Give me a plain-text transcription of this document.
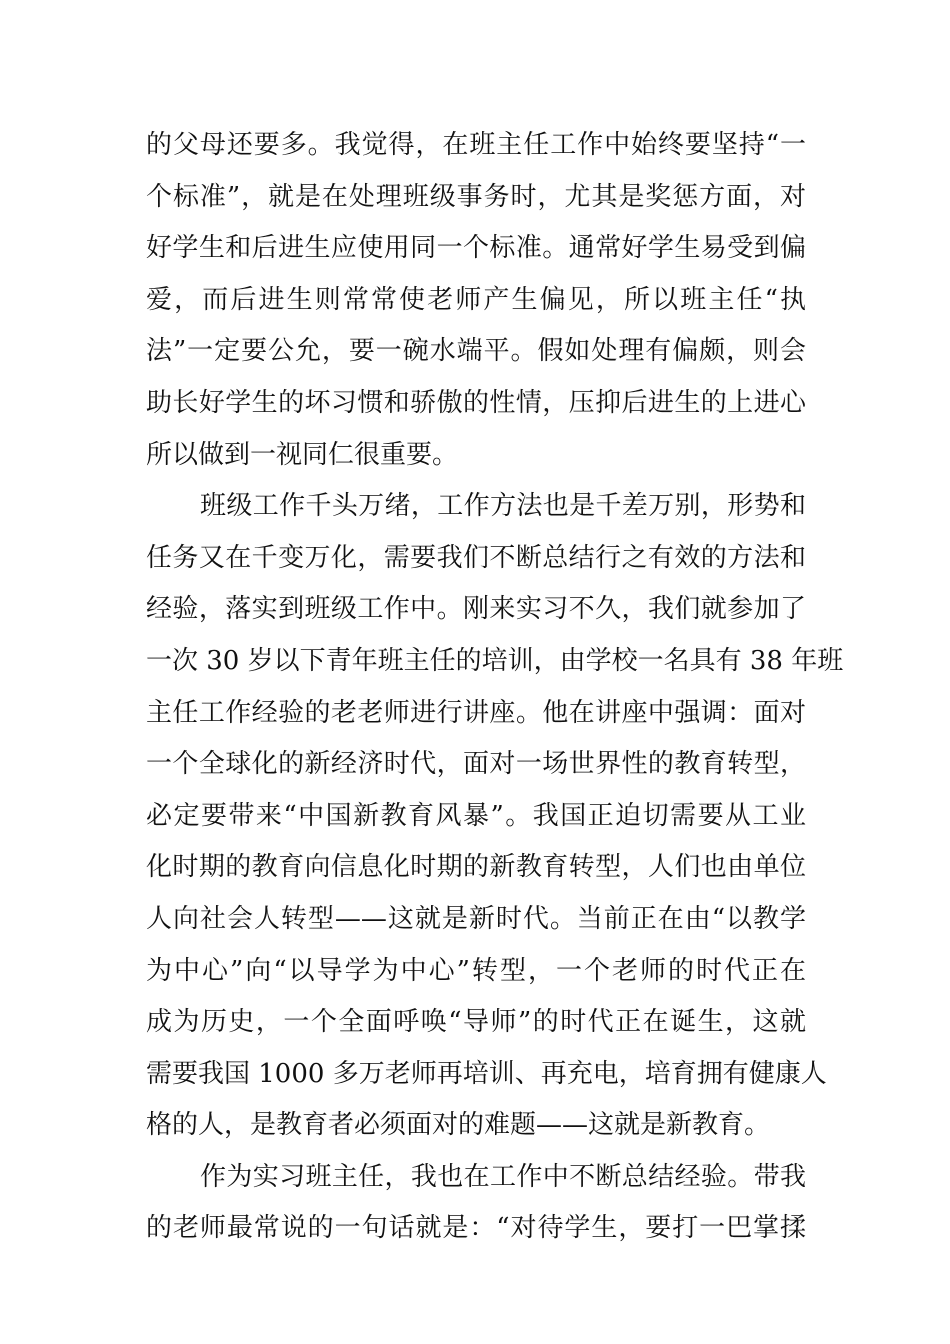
的父母还要多。我觉得，在班主任工作中始终要坚持“一
个标准”，就是在处理班级事务时，尤其是奖惩方面，对
好学生和后进生应使用同一个标准。通常好学生易受到偏
爱，而后进生则常常使老师产生偏见，所以班主任“执
法”一定要公允，要一碗水端平。假如处理有偏颇，则会
助长好学生的坏习惯和骄傲的性情，压抑后进生的上进心
所以做到一视同仁很重要。
班级工作千头万绪，工作方法也是千差万别，形势和
任务又在千变万化，需要我们不断总结行之有效的方法和
经验，落实到班级工作中。刚来实习不久，我们就参加了
一次 30 岁以下青年班主任的培训，由学校一名具有 38 年班
主任工作经验的老老师进行讲座。他在讲座中强调：面对
一个全球化的新经济时代，面对一场世界性的教育转型，
必定要带来“中国新教育风暴”。我国正迫切需要从工业
化时期的教育向信息化时期的新教育转型，人们也由单位
人向社会人转型——这就是新时代。当前正在由“以教学
为中心”向“以导学为中心”转型，一个老师的时代正在
成为历史，一个全面呼唤“导师”的时代正在诞生，这就
需要我国 1000 多万老师再培训、再充电，培育拥有健康人
格的人，是教育者必须面对的难题——这就是新教育。
作为实习班主任，我也在工作中不断总结经验。带我
的老师最常说的一句话就是：“对待学生，要打一巴掌揉
